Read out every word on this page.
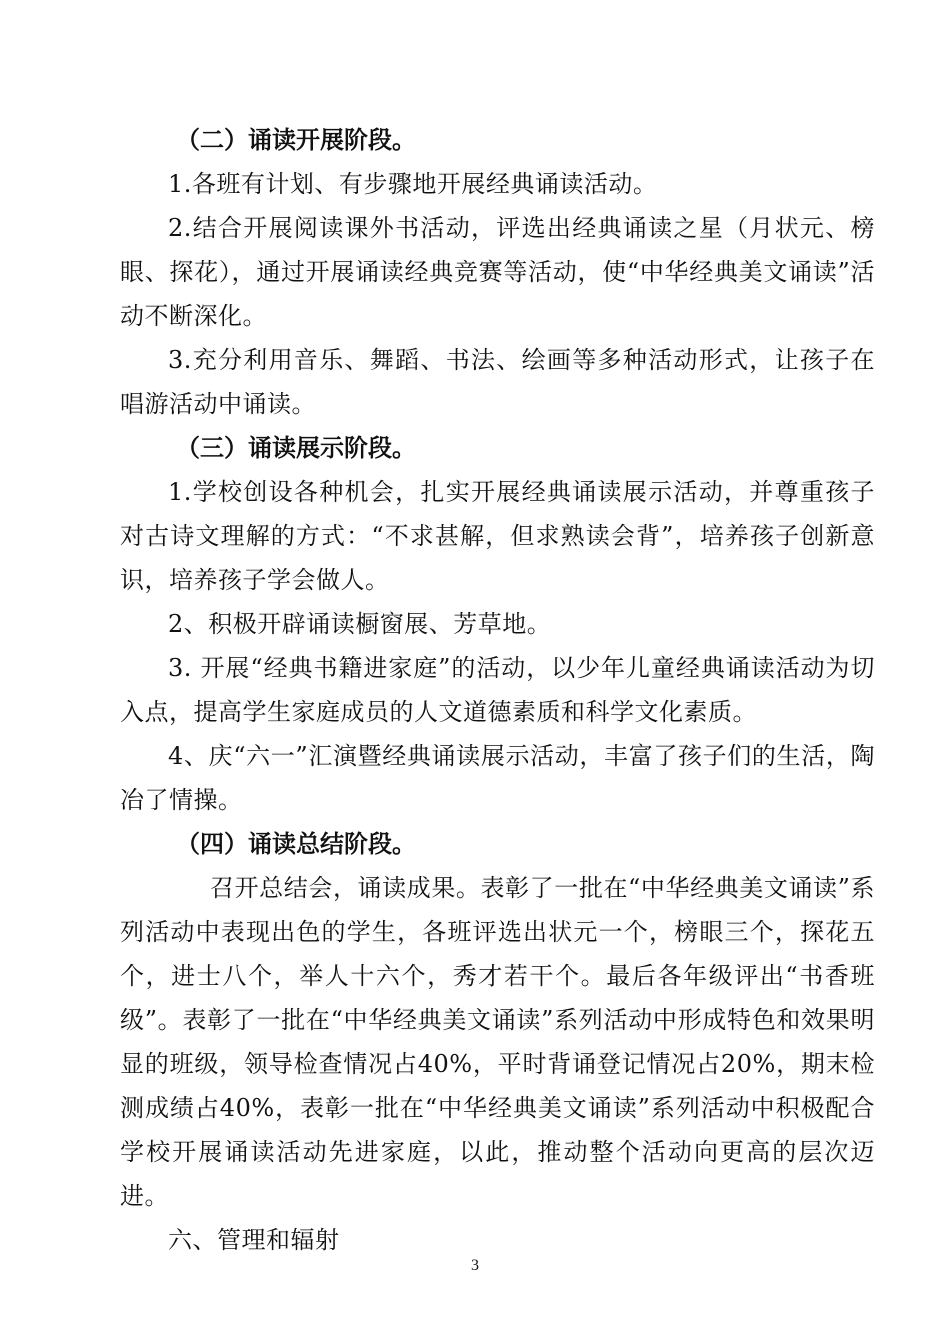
（二）诵读开展阶段。

1.各班有计划、有步骤地开展经典诵读活动。

2.结合开展阅读课外书活动，评选出经典诵读之星（月状元、榜眼、探花），通过开展诵读经典竞赛等活动，使“中华经典美文诵读”活动不断深化。

3.充分利用音乐、舞蹈、书法、绘画等多种活动形式，让孩子在唱游活动中诵读。

（三）诵读展示阶段。

1.学校创设各种机会，扎实开展经典诵读展示活动，并尊重孩子对古诗文理解的方式：“不求甚解，但求熟读会背”，培养孩子创新意识，培养孩子学会做人。

2、积极开辟诵读橱窗展、芳草地。

3. 开展“经典书籍进家庭”的活动，以少年儿童经典诵读活动为切入点，提高学生家庭成员的人文道德素质和科学文化素质。

4、庆“六一”汇演暨经典诵读展示活动，丰富了孩子们的生活，陶冶了情操。

（四）诵读总结阶段。

召开总结会，诵读成果。表彰了一批在“中华经典美文诵读”系列活动中表现出色的学生，各班评选出状元一个，榜眼三个，探花五个，进士八个，举人十六个，秀才若干个。最后各年级评出“书香班级”。表彰了一批在“中华经典美文诵读”系列活动中形成特色和效果明显的班级，领导检查情况占40%，平时背诵登记情况占20%，期末检测成绩占40%，表彰一批在“中华经典美文诵读”系列活动中积极配合学校开展诵读活动先进家庭，以此，推动整个活动向更高的层次迈进。

六、管理和辐射

3
